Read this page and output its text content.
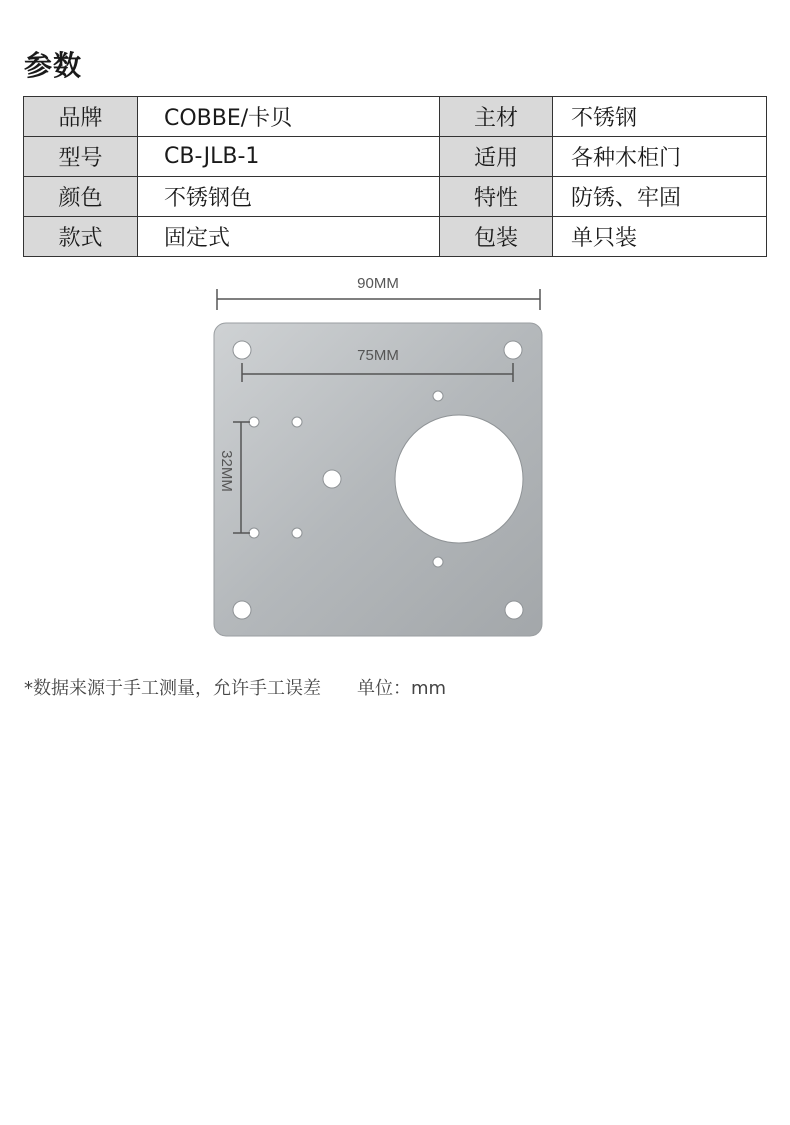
参数
品牌	COBBE/卡贝	主材	不锈钢
型号	CB-JLB-1	适用	各种木柜门
颜色	不锈钢色	特性	防锈、牢固
款式	固定式	包装	单只装
90MM
75MM
32MM
*数据来源于手工测量，允许手工误差 单位：mm
